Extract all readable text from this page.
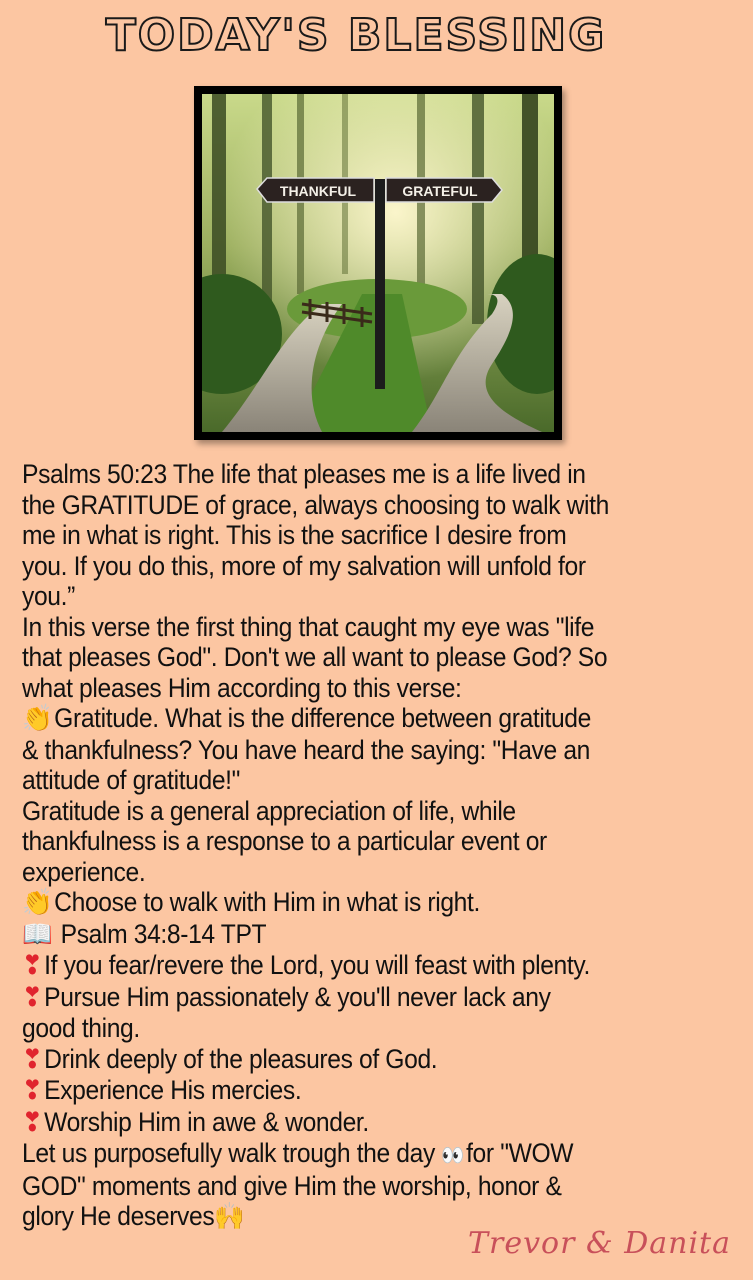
TODAY'S BLESSING
THANKFUL	GRATEFUL
Psalms 50:23 The life that pleases me is a life lived in
the GRATITUDE of grace, always choosing to walk with
me in what is right. This is the sacrifice I desire from
you. If you do this, more of my salvation will unfold for
you.”
In this verse the first thing that caught my eye was "life
that pleases God". Don't we all want to please God? So
what pleases Him according to this verse:
👏Gratitude. What is the difference between gratitude
& thankfulness? You have heard the saying: "Have an
attitude of gratitude!"
Gratitude is a general appreciation of life, while
thankfulness is a response to a particular event or
experience.
👏Choose to walk with Him in what is right.
📖 Psalm 34:8-14 TPT
❣If you fear/revere the Lord, you will feast with plenty.
❣Pursue Him passionately & you'll never lack any
good thing.
❣Drink deeply of the pleasures of God.
❣Experience His mercies.
❣Worship Him in awe & wonder.
Let us purposefully walk trough the day 👀for "WOW
GOD" moments and give Him the worship, honor &
glory He deserves🙌
Trevor & Danita
